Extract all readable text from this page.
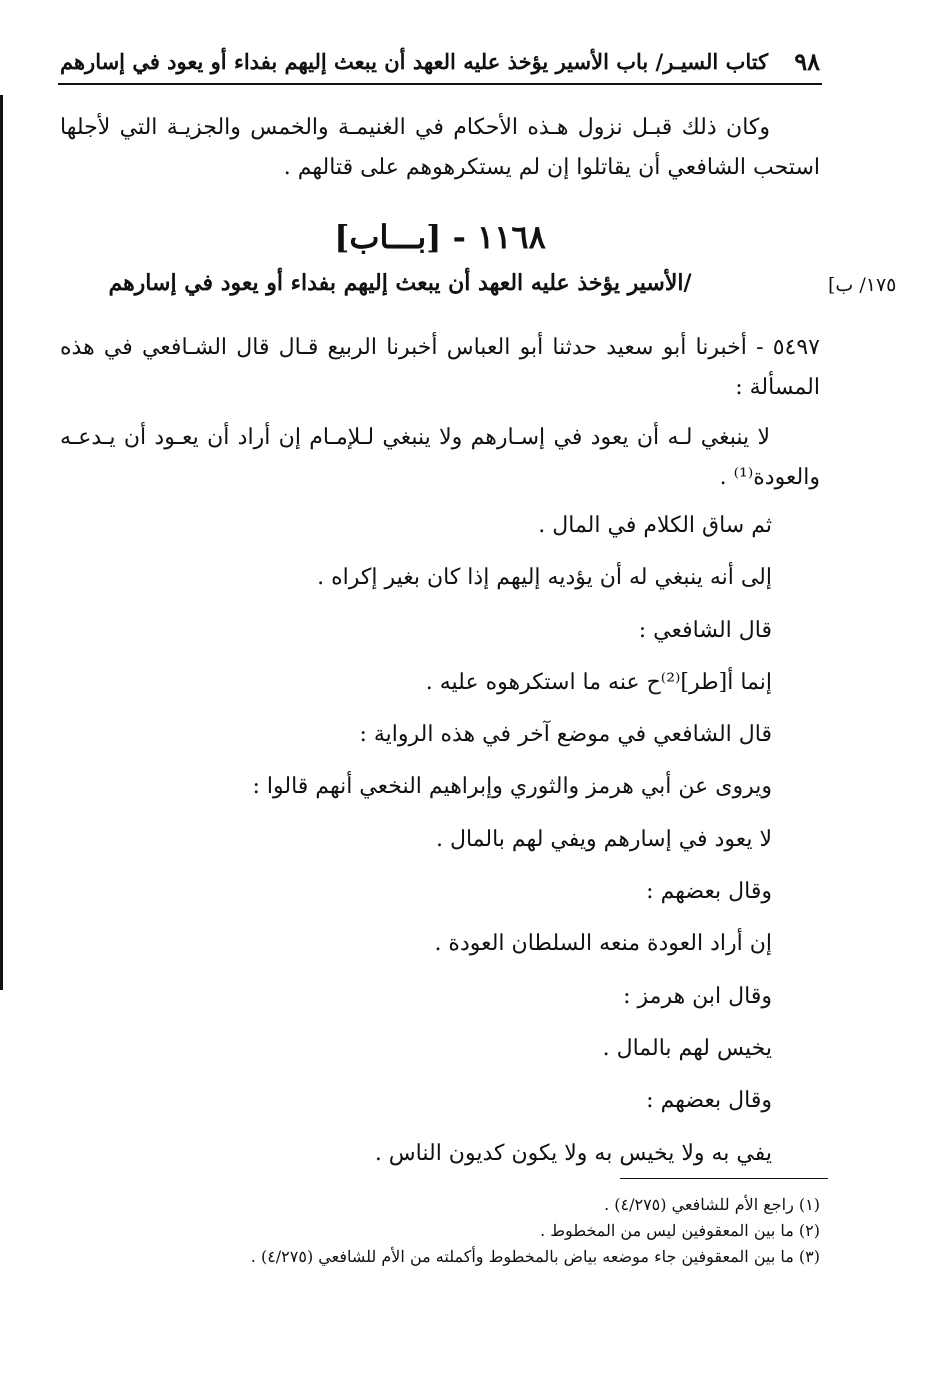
٩٨
كتاب السيـر/ باب الأسير يؤخذ عليه العهد أن يبعث إليهم بفداء أو يعود في إسارهم

وكان ذلك قبـل نزول هـذه الأحكام في الغنيمـة والخمس والجزيـة التي لأجلها استحب الشافعي أن يقاتلوا إن لم يستكرهوهم على قتالهم .

١١٦٨ - [بـــاب]
/الأسير يؤخذ عليه العهد أن يبعث إليهم بفداء أو يعود في إسارهم	١٧٥/ ب]

٥٤٩٧ - أخبرنا أبو سعيد حدثنا أبو العباس أخبرنا الربيع قـال قال الشـافعي في هذه المسألة :

لا ينبغي لـه أن يعود في إسـارهم ولا ينبغي لـلإمـام إن أراد أن يعـود أن يـدعـه والعودة⁽¹⁾ .

ثم ساق الكلام في المال .
إلى أنه ينبغي له أن يؤديه إليهم إذا كان بغير إكراه .
قال الشافعي :
إنما أ[طر]⁽²⁾ح عنه ما استكرهوه عليه .
قال الشافعي في موضع آخر في هذه الرواية :
ويروى عن أبي هرمز والثوري وإبراهيم النخعي أنهم قالوا :
لا يعود في إسارهم ويفي لهم بالمال .
وقال بعضهم :
إن أراد العودة منعه السلطان العودة .
وقال ابن هرمز :
يخيس لهم بالمال .
وقال بعضهم :
يفي به ولا يخيس به ولا يكون كديون الناس .
(١) راجع الأم للشافعي (٤/٢٧٥) .
(٢) ما بين المعقوفين ليس من المخطوط .
(٣) ما بين المعقوفين جاء موضعه بياض بالمخطوط وأكملته من الأم للشافعي (٤/٢٧٥) .
